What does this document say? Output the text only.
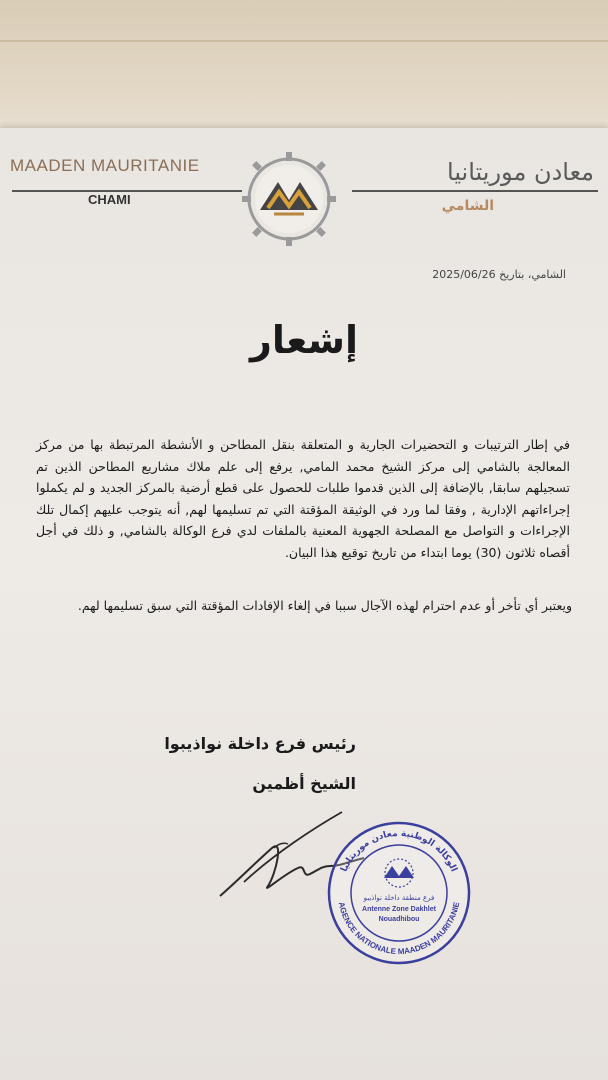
MAADEN MAURITANIE
CHAMI
معادن موريتانيا
الشامي
الشامي، بتاريخ 2025/06/26
إشعار
في إطار الترتيبات و التحضيرات الجارية و المتعلقة بنقل المطاحن و الأنشطة المرتبطة بها من مركز المعالجة بالشامي إلى مركز الشيخ محمد المامي, يرفع إلى علم ملاك مشاريع المطاحن الذين تم تسجيلهم سابقا, بالإضافة إلى الذين قدموا طلبات للحصول على قطع أرضية بالمركز الجديد و لم يكملوا إجراءاتهم الإدارية , وفقا لما ورد في الوثيقة المؤقتة التي تم تسليمها لهم, أنه يتوجب عليهم إكمال تلك الإجراءات و التواصل مع المصلحة الجهوية المعنية بالملفات لدي فرع الوكالة بالشامي, و ذلك في أجل أقصاه ثلاثون (30) يوما ابتداء من تاريخ توقيع هذا البيان.
ويعتبر أي تأخر أو عدم احترام لهذه الآجال سببا في إلغاء الإفادات المؤقتة التي سبق تسليمها لهم.
رئيس فرع داخلة نواذيبوا
الشيخ أظمين
الوكالة الوطنية معادن موريتانيا
AGENCE NATIONALE MAADEN MAURITANIE
فرع منطقة داخلة نواذيبو
Antenne Zone Dakhlet
Nouadhibou
